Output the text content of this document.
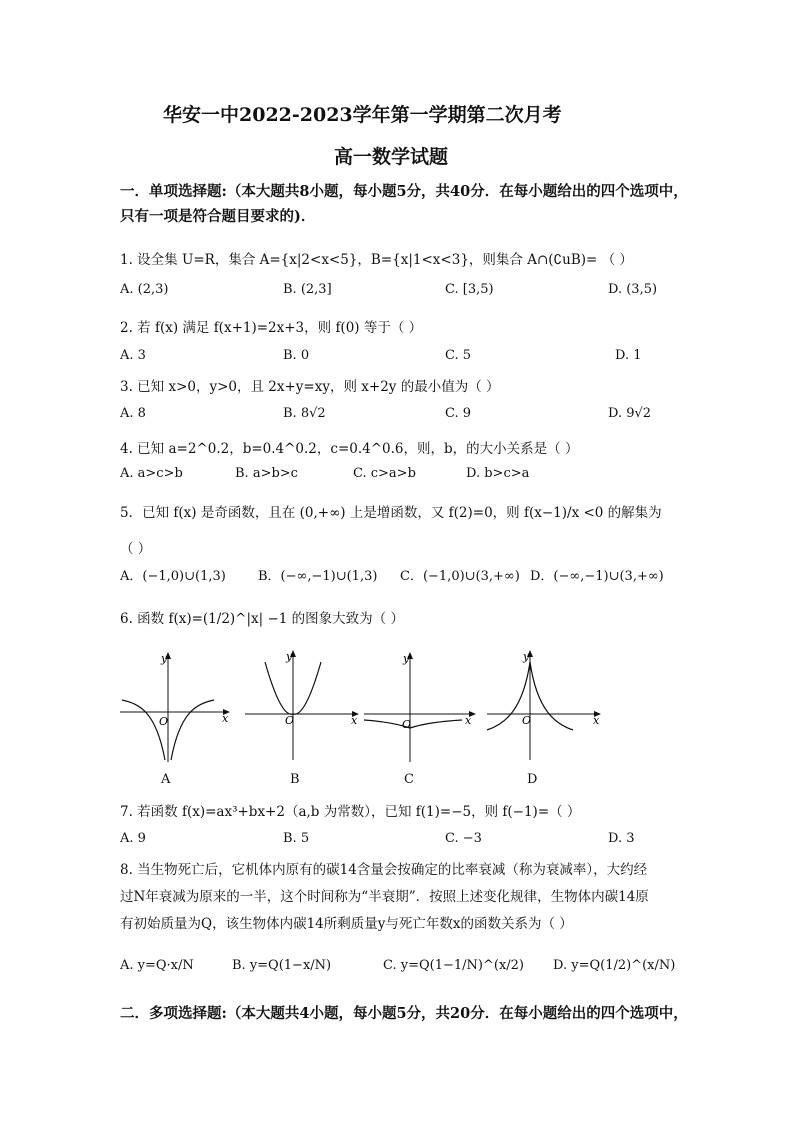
华安一中2022-2023学年第一学期第二次月考
高一数学试题
一．单项选择题:（本大题共8小题，每小题5分，共40分．在每小题给出的四个选项中，
只有一项是符合题目要求的)．
1. 设全集 U=R，集合 A={x|2<x<5}，B={x|1<x<3}，则集合 A∩(∁uB)= （ ）
A. (2,3)	B. (2,3]	C. [3,5)	D. (3,5)
2. 若 f(x) 满足 f(x+1)=2x+3，则 f(0) 等于（ ）
A. 3	B. 0	C. 5	D. 1
3. 已知 x>0，y>0，且 2x+y=xy，则 x+2y 的最小值为（ ）
A. 8	B. 8√2	C. 9	D. 9√2
4. 已知 a=2^0.2，b=0.4^0.2，c=0.4^0.6，则，b，的大小关系是（ ）
A. a>c>b	B. a>b>c	C. c>a>b	D. b>c>a
5．已知 f(x) 是奇函数，且在 (0,+∞) 上是增函数，又 f(2)=0，则 f(x−1)/x <0 的解集为
（ ）
A．(−1,0)∪(1,3) B．(−∞,−1)∪(1,3) C．(−1,0)∪(3,+∞) D．(−∞,−1)∪(3,+∞)
6. 函数 f(x)=(1/2)^|x| −1 的图象大致为（ ）
y
x
O
A
y
x
O
B
y
x
O
C
y
x
O
D
7. 若函数 f(x)=ax³+bx+2（a,b 为常数），已知 f(1)=−5，则 f(−1)=（ ）
A. 9	B. 5	C. −3	D. 3
8. 当生物死亡后，它机体内原有的碳14含量会按确定的比率衰减（称为衰减率），大约经
过N年衰减为原来的一半，这个时间称为“半衰期”．按照上述变化规律，生物体内碳14原
有初始质量为Q，该生物体内碳14所剩质量y与死亡年数x的函数关系为（ ）
A. y=Q·x/N	B. y=Q(1−x/N)	C. y=Q(1−1/N)^(x/2) D. y=Q(1/2)^(x/N)
二．多项选择题:（本大题共4小题，每小题5分，共20分．在每小题给出的四个选项中，
